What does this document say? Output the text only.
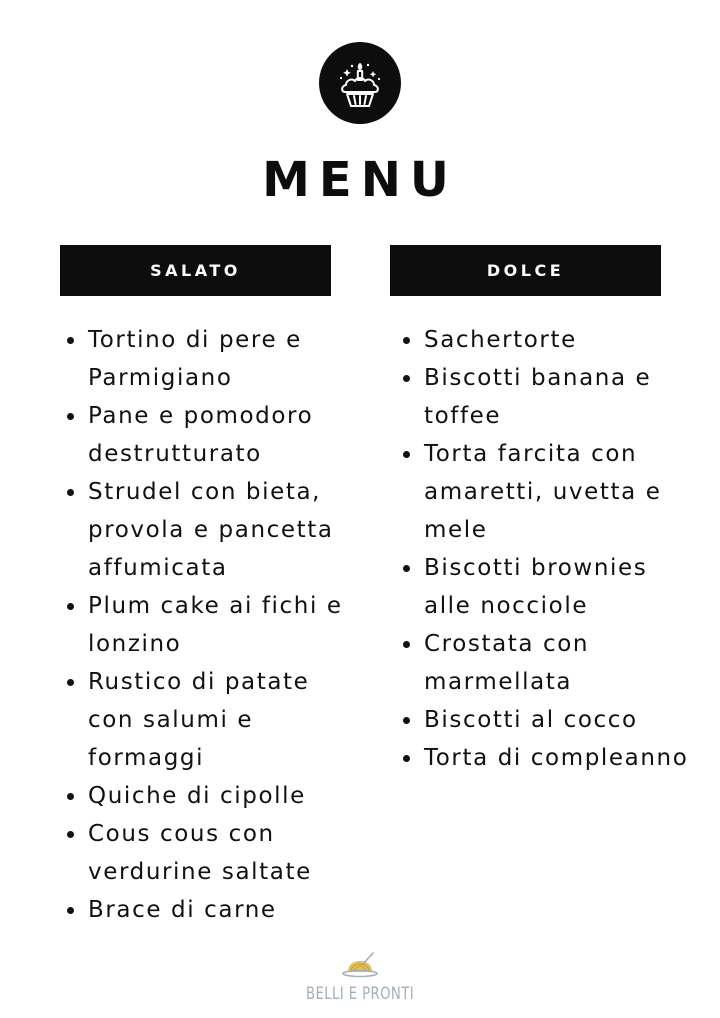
MENU
SALATO	DOLCE
Tortino di pere e Parmigiano
Pane e pomodoro destrutturato
Strudel con bieta, provola e pancetta affumicata
Plum cake ai fichi e lonzino
Rustico di patate con salumi e formaggi
Quiche di cipolle
Cous cous con verdurine saltate
Brace di carne
Sachertorte
Biscotti banana e toffee
Torta farcita con amaretti, uvetta e mele
Biscotti brownies alle nocciole
Crostata con marmellata
Biscotti al cocco
Torta di compleanno
BELLI E PRONTI
